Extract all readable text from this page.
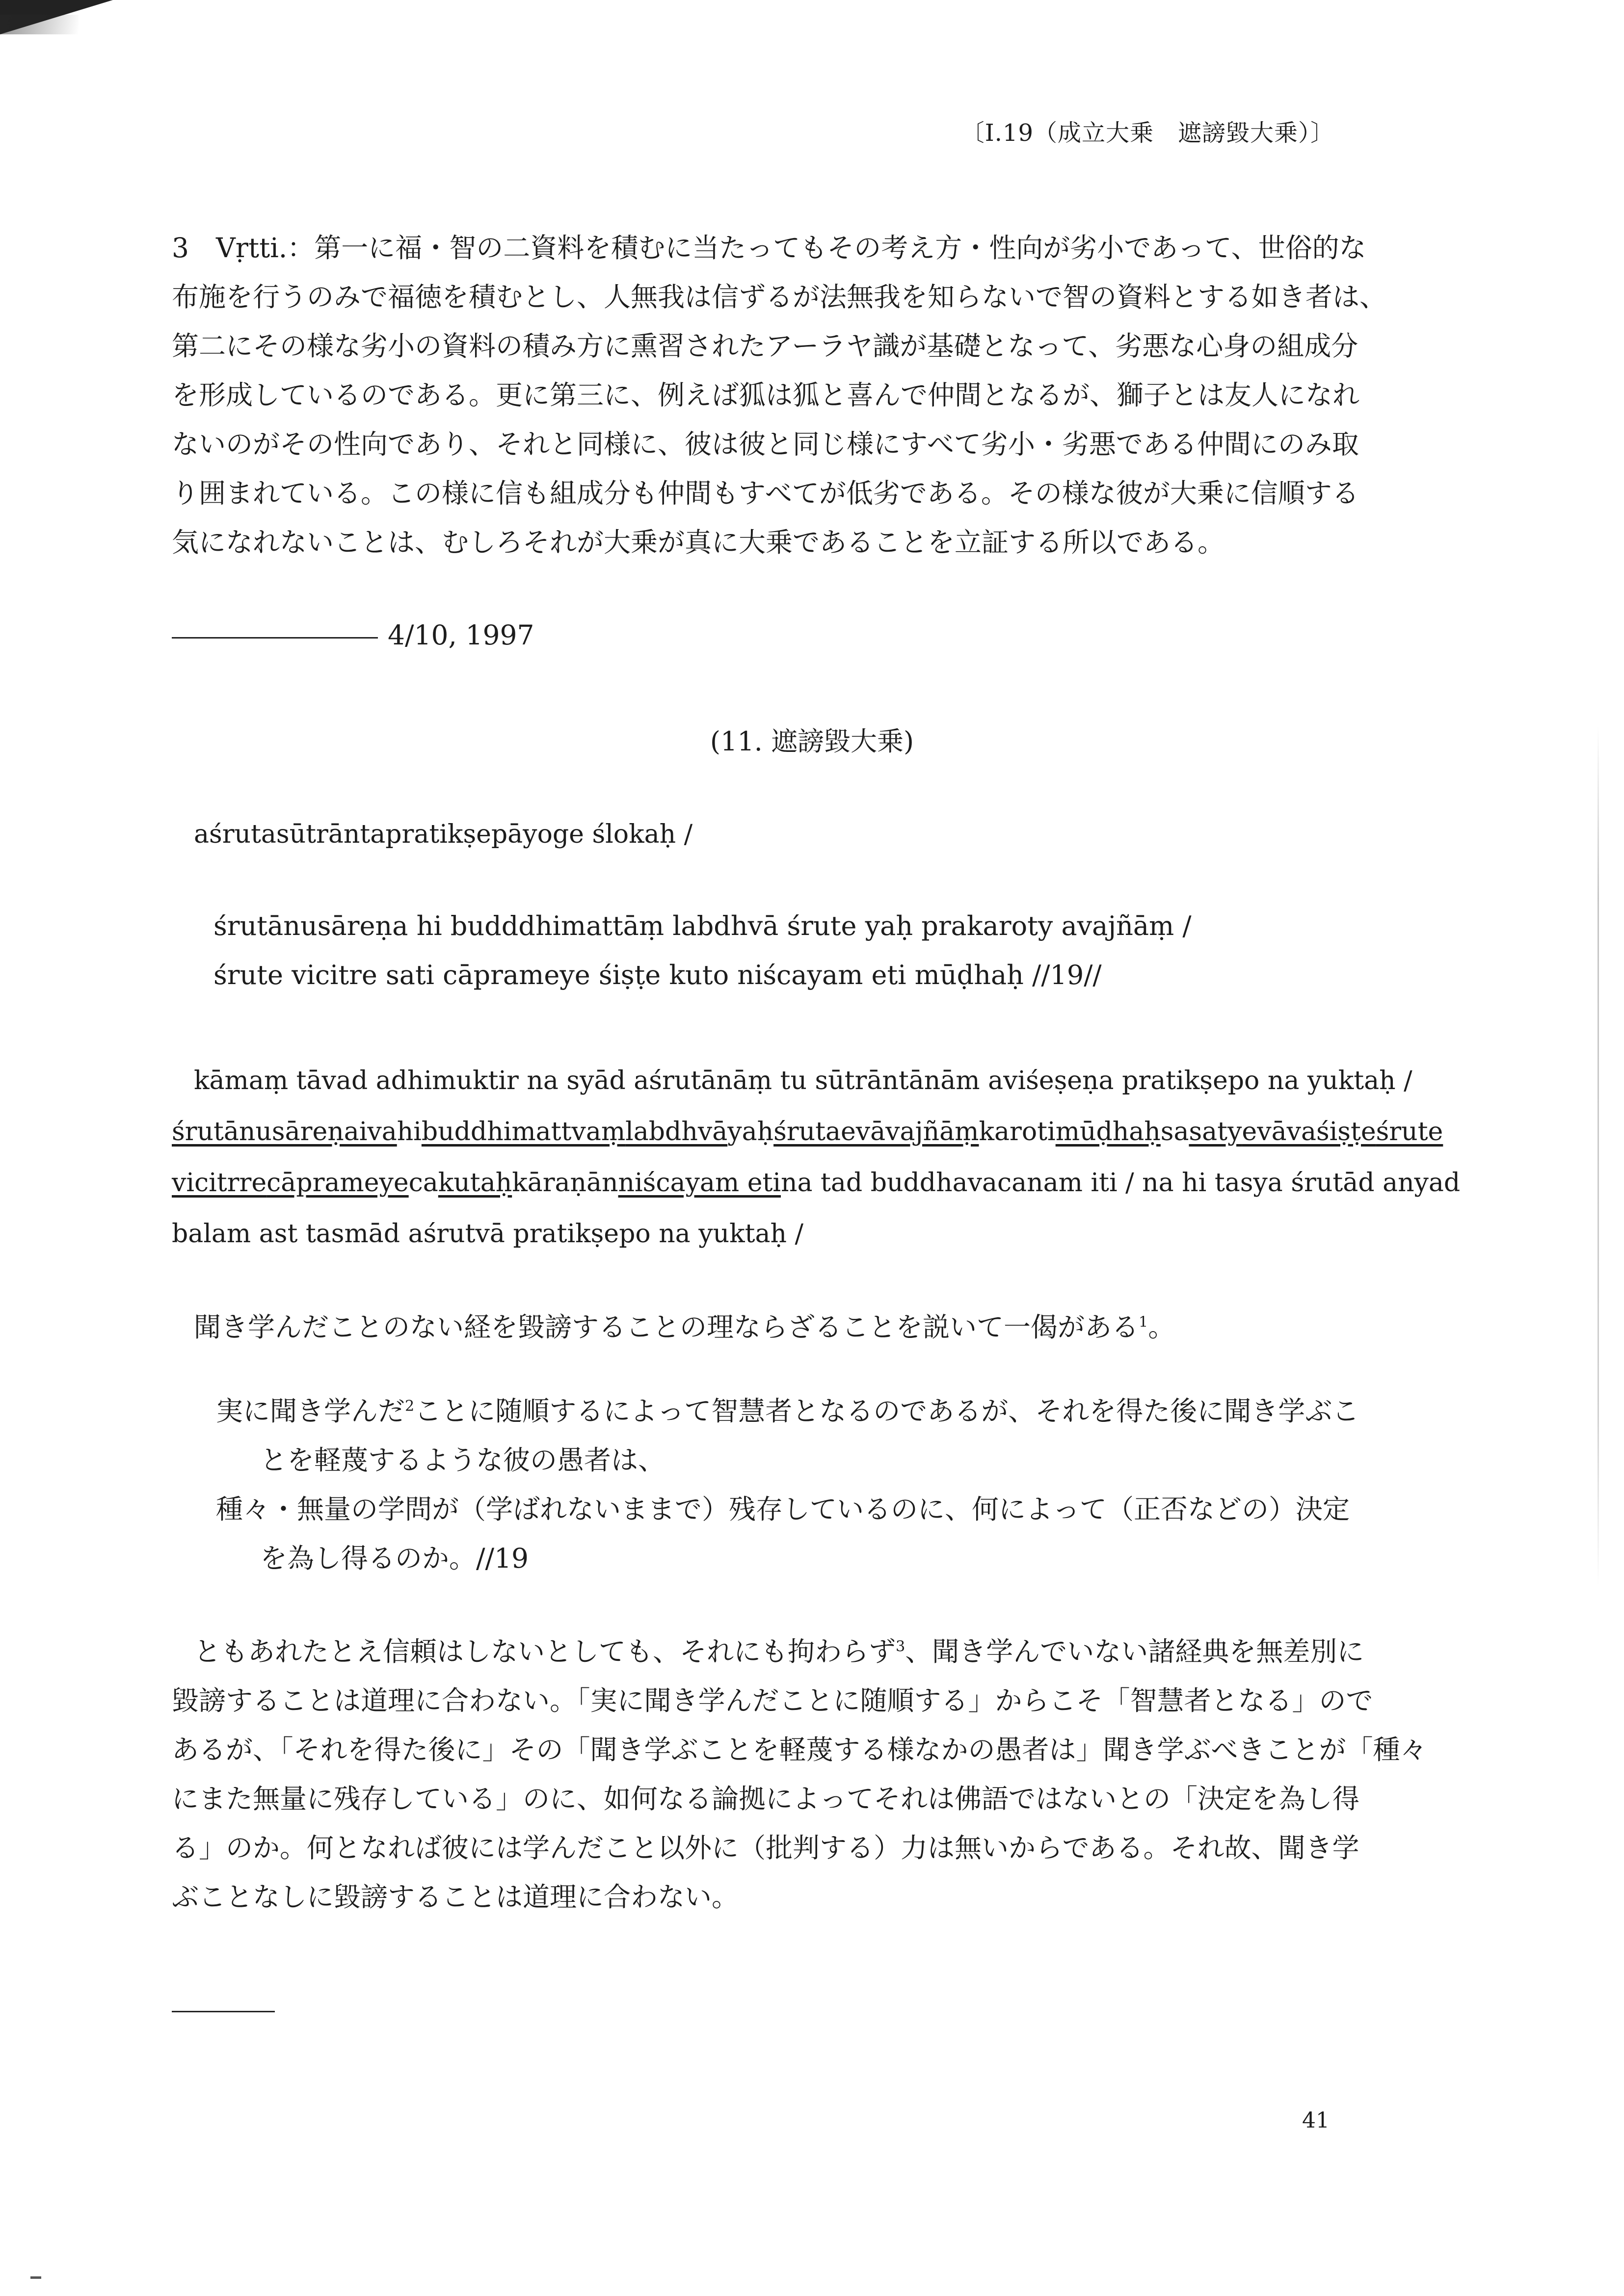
〔I.19（成立大乗　遮謗毀大乗）〕
3　Vṛtti.：第一に福・智の二資料を積むに当たってもその考え方・性向が劣小であって、世俗的な
布施を行うのみで福徳を積むとし、人無我は信ずるが法無我を知らないで智の資料とする如き者は、
第二にその様な劣小の資料の積み方に熏習されたアーラヤ識が基礎となって、劣悪な心身の組成分
を形成しているのである。更に第三に、例えば狐は狐と喜んで仲間となるが、獅子とは友人になれ
ないのがその性向であり、それと同様に、彼は彼と同じ様にすべて劣小・劣悪である仲間にのみ取
り囲まれている。この様に信も組成分も仲間もすべてが低劣である。その様な彼が大乗に信順する
気になれないことは、むしろそれが大乗が真に大乗であることを立証する所以である。
4/10, 1997
(11. 遮謗毀大乗)
aśrutasūtrāntapratikṣepāyoge ślokaḥ /
śrutānusāreṇa hi budddhimattāṃ labdhvā śrute yaḥ prakaroty avajñāṃ /
śrute vicitre sati cāprameye śiṣṭe kuto niścayam eti mūḍhaḥ //19//
kāmaṃ tāvad adhimuktir na syād aśrutānāṃ tu sūtrāntānām aviśeṣeṇa pratikṣepo na yuktaḥ /
śrutānusāreṇaiva hi buddhimattvaṃ labdhvā yaḥ śruta evāvajñāṃ karoti mūḍhaḥ sa saty evāvaśiṣṭe śrute
vicitrre cāprameye ca kutaḥ kāraṇān niścayam eti na tad buddhavacanam iti / na hi tasya śrutād anyad
balam ast tasmād aśrutvā pratikṣepo na yuktaḥ /
聞き学んだことのない経を毀謗することの理ならざることを説いて一偈がある$^1$。
実に聞き学んだ$^2$ことに随順するによって智慧者となるのであるが、それを得た後に聞き学ぶこ
とを軽蔑するような彼の愚者は、
種々・無量の学問が（学ばれないままで）残存しているのに、何によって（正否などの）決定
を為し得るのか。//19
ともあれたとえ信頼はしないとしても、それにも拘わらず$^3$、聞き学んでいない諸経典を無差別に
毀謗することは道理に合わない。「実に聞き学んだことに随順する」からこそ「智慧者となる」ので
あるが、「それを得た後に」その「聞き学ぶことを軽蔑する様なかの愚者は」聞き学ぶべきことが「種々
にまた無量に残存している」のに、如何なる論拠によってそれは佛語ではないとの「決定を為し得
る」のか。何となれば彼には学んだこと以外に（批判する）力は無いからである。それ故、聞き学
ぶことなしに毀謗することは道理に合わない。
41
